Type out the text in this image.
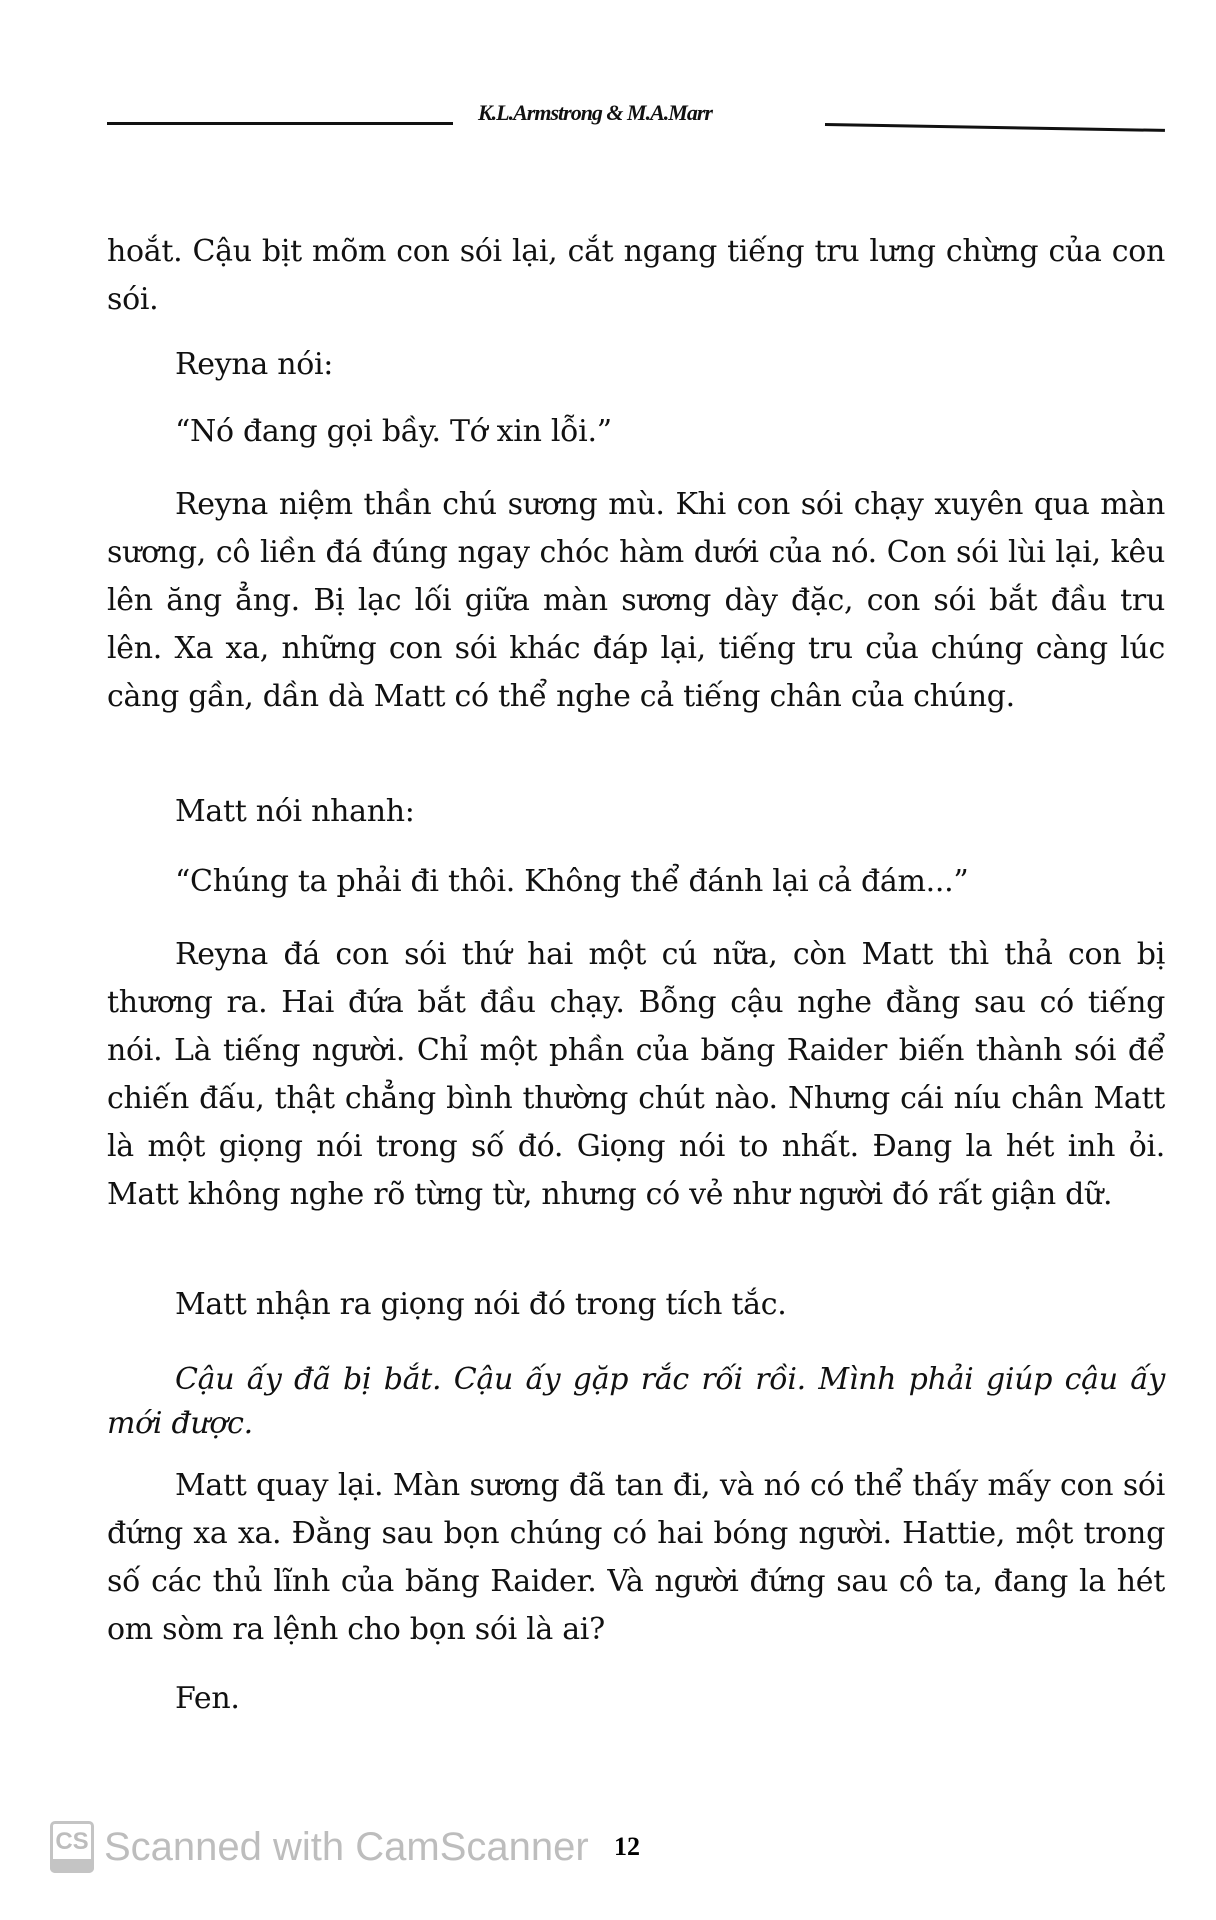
K.L.Armstrong & M.A.Marr
hoắt. Cậu bịt mõm con sói lại, cắt ngang tiếng tru lưng chừng của con sói.
Reyna nói:
“Nó đang gọi bầy. Tớ xin lỗi.”
Reyna niệm thần chú sương mù. Khi con sói chạy xuyên qua màn sương, cô liền đá đúng ngay chóc hàm dưới của nó. Con sói lùi lại, kêu lên ăng ẳng. Bị lạc lối giữa màn sương dày đặc, con sói bắt đầu tru lên. Xa xa, những con sói khác đáp lại, tiếng tru của chúng càng lúc càng gần, dần dà Matt có thể nghe cả tiếng chân của chúng.
Matt nói nhanh:
“Chúng ta phải đi thôi. Không thể đánh lại cả đám...”
Reyna đá con sói thứ hai một cú nữa, còn Matt thì thả con bị thương ra. Hai đứa bắt đầu chạy. Bỗng cậu nghe đằng sau có tiếng nói. Là tiếng người. Chỉ một phần của băng Raider biến thành sói để chiến đấu, thật chẳng bình thường chút nào. Nhưng cái níu chân Matt là một giọng nói trong số đó. Giọng nói to nhất. Đang la hét inh ỏi. Matt không nghe rõ từng từ, nhưng có vẻ như người đó rất giận dữ.
Matt nhận ra giọng nói đó trong tích tắc.
Cậu ấy đã bị bắt. Cậu ấy gặp rắc rối rồi. Mình phải giúp cậu ấy mới được.
Matt quay lại. Màn sương đã tan đi, và nó có thể thấy mấy con sói đứng xa xa. Đằng sau bọn chúng có hai bóng người. Hattie, một trong số các thủ lĩnh của băng Raider. Và người đứng sau cô ta, đang la hét om sòm ra lệnh cho bọn sói là ai?
Fen.
CS Scanned with CamScanner 12
